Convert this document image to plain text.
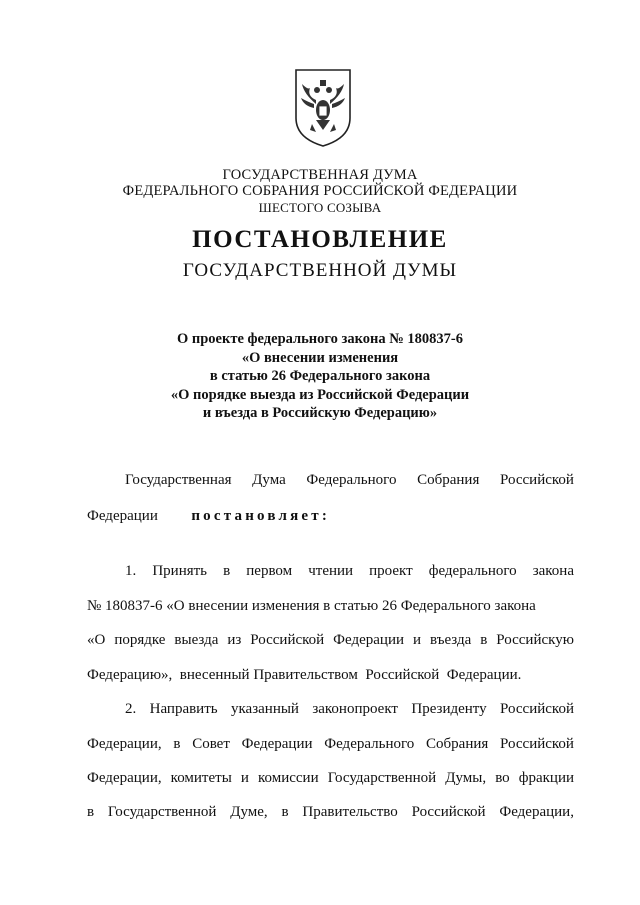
ГОСУДАРСТВЕННАЯ ДУМА
ФЕДЕРАЛЬНОГО СОБРАНИЯ РОССИЙСКОЙ ФЕДЕРАЦИИ
ШЕСТОГО СОЗЫВА
ПОСТАНОВЛЕНИЕ
ГОСУДАРСТВЕННОЙ ДУМЫ
О проекте федерального закона № 180837-6
«О внесении изменения
в статью 26 Федерального закона
«О порядке выезда из Российской Федерации
и въезда в Российскую Федерацию»
Государственная Дума Федерального Собрания Российской
Федерации постановляет:
1. Принять в первом чтении проект федерального закона
№ 180837-6 «О внесении изменения в статью 26 Федерального закона
«О порядке выезда из Российской Федерации и въезда в Российскую
Федерацию»,  внесенный Правительством  Российской  Федерации.
2. Направить указанный законопроект Президенту Российской
Федерации, в Совет Федерации Федерального Собрания Российской
Федерации, комитеты и комиссии Государственной Думы, во фракции
в Государственной Думе, в Правительство Российской Федерации,
